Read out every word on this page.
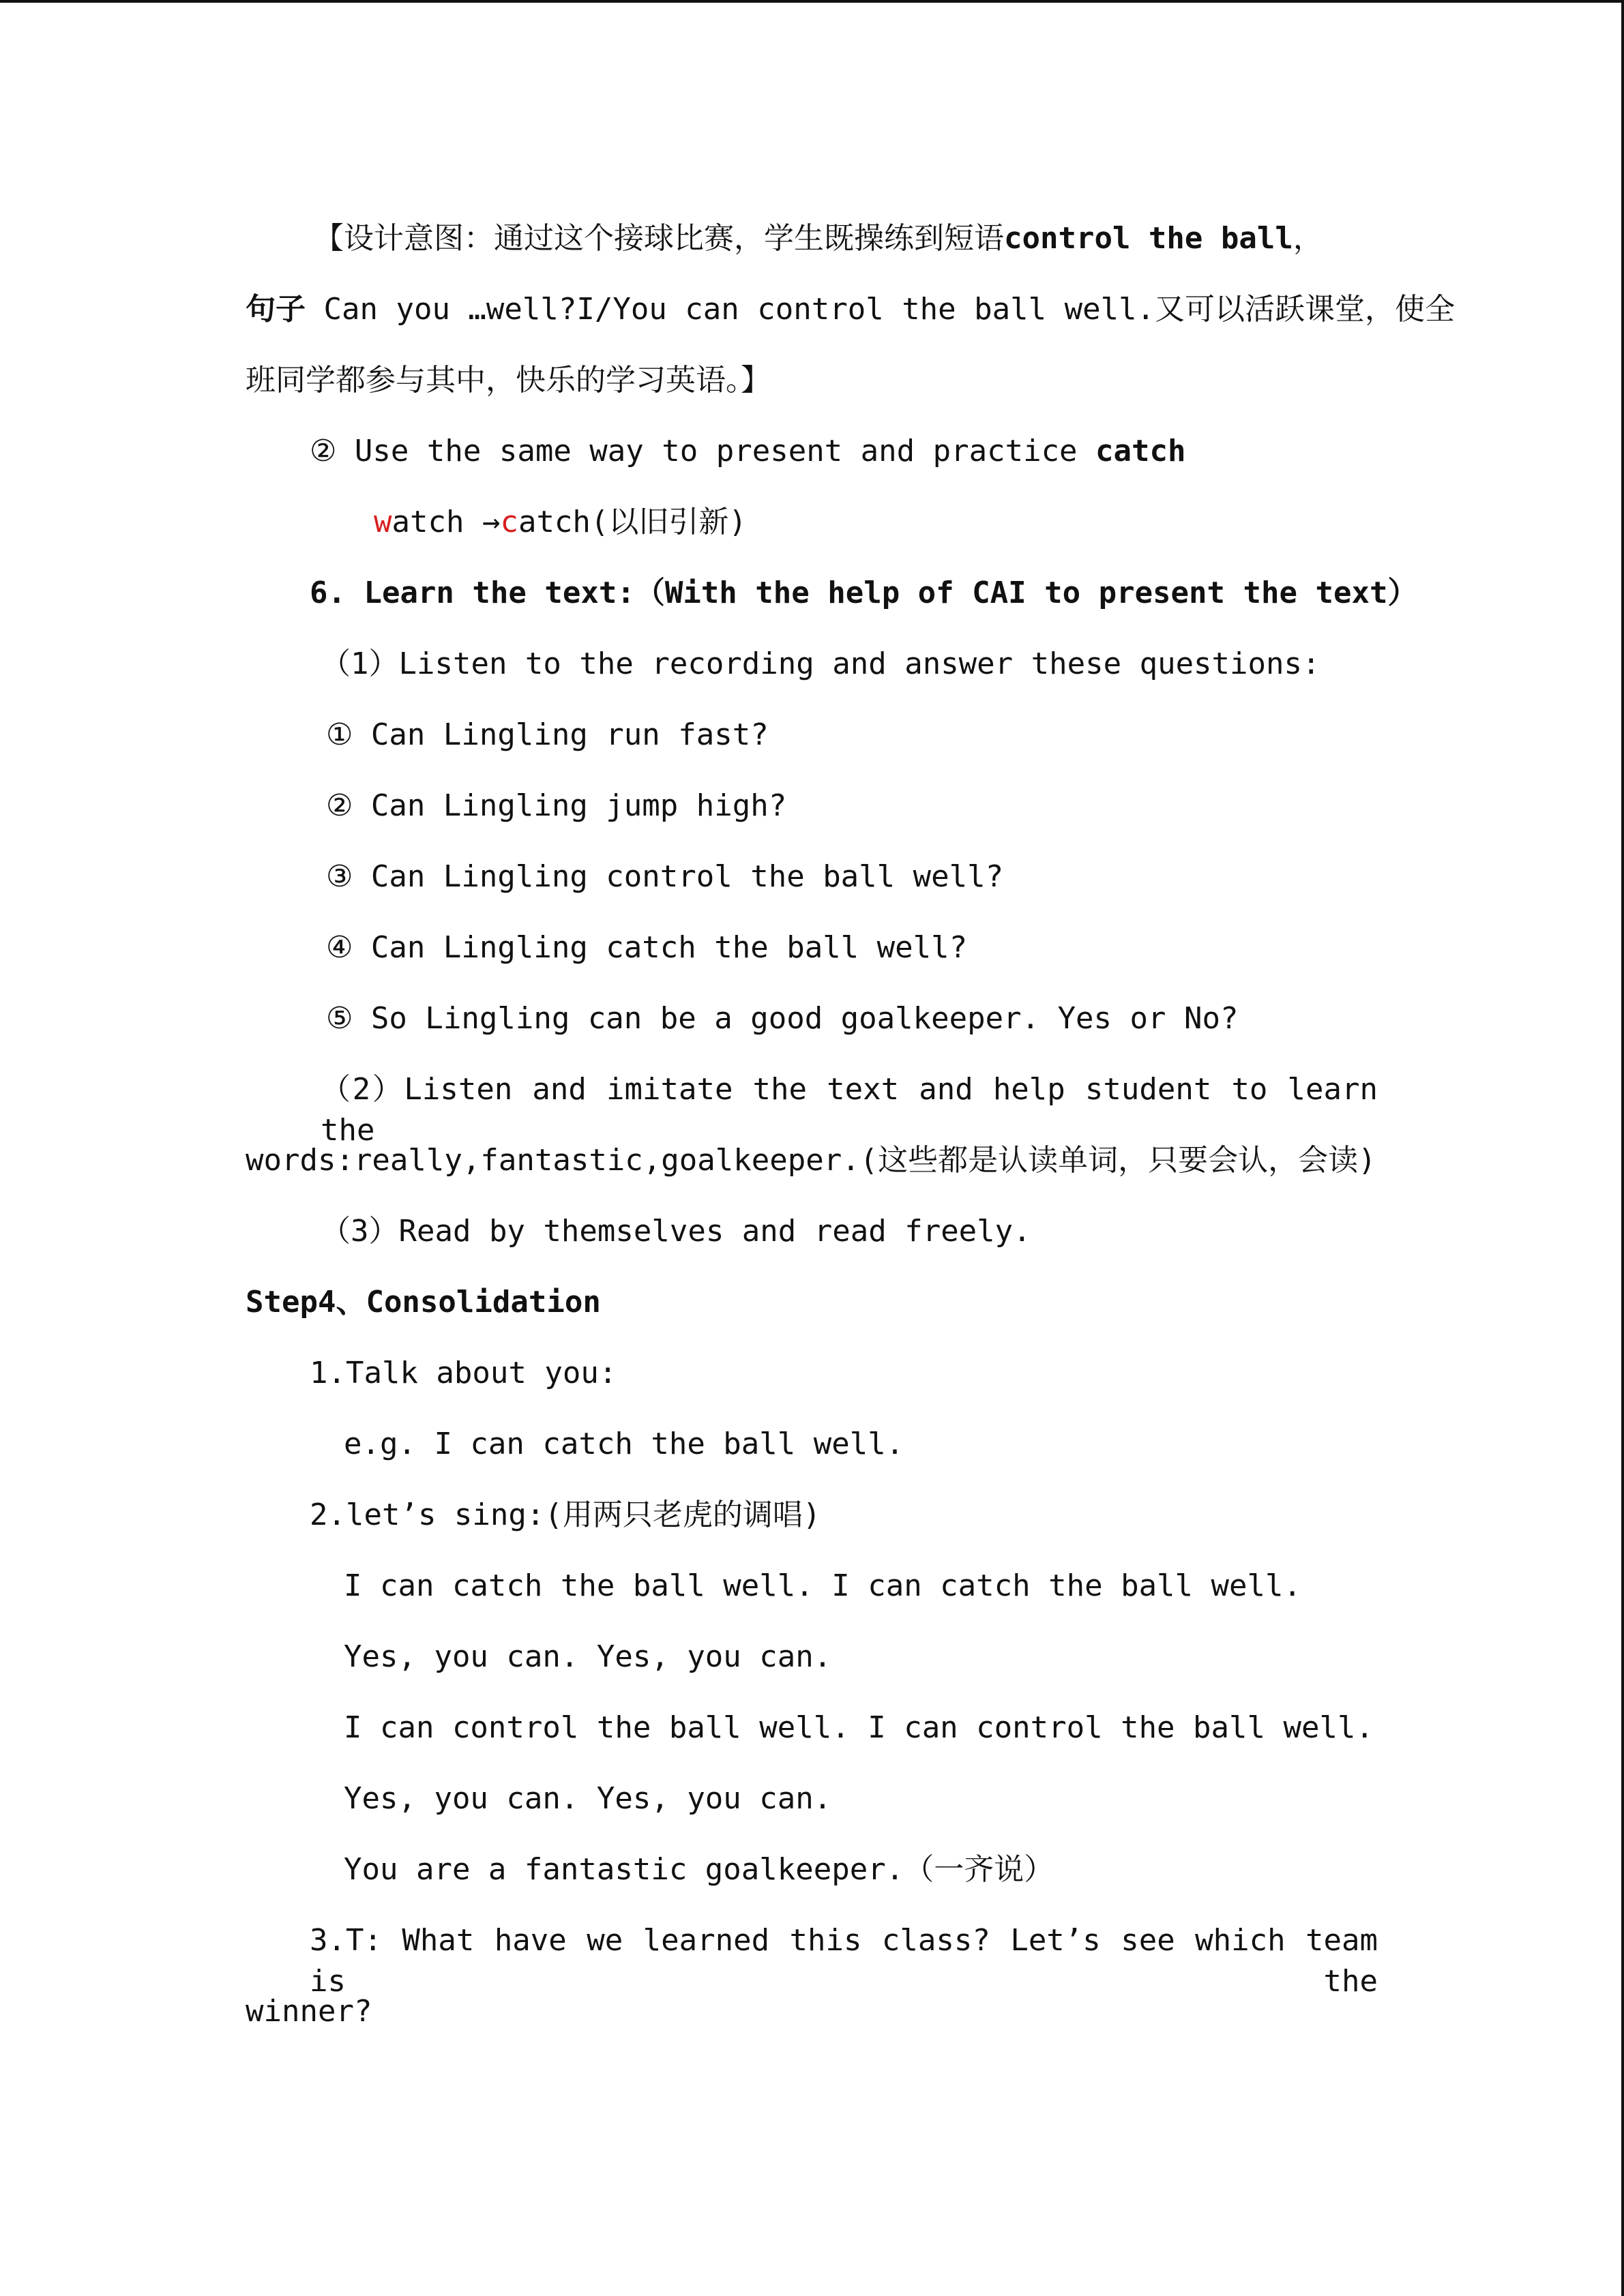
【设计意图：通过这个接球比赛，学生既操练到短语control the ball，
句子 Can you …well?I/You can control the ball well.又可以活跃课堂，使全
班同学都参与其中，快乐的学习英语。】
② Use the same way to present and practice catch
watch →catch(以旧引新)
6. Learn the text:（With the help of CAI to present the text）
（1）Listen to the recording and answer these questions:
① Can Lingling run fast?
② Can Lingling jump high?
③ Can Lingling control the ball well?
④ Can Lingling catch the ball well?
⑤ So Lingling can be a good goalkeeper. Yes or No?
（2）Listen and imitate the text and help student to learn the
words:really,fantastic,goalkeeper.(这些都是认读单词，只要会认，会读)
（3）Read by themselves and read freely.
Step4、Consolidation
1.Talk about you:
e.g. I can catch the ball well.
2.let’s sing:(用两只老虎的调唱)
I can catch the ball well. I can catch the ball well.
Yes, you can. Yes, you can.
I can control the ball well. I can control the ball well.
Yes, you can. Yes, you can.
You are a fantastic goalkeeper.（一齐说）
3.T: What have we learned this class? Let’s see which team is the
winner?
